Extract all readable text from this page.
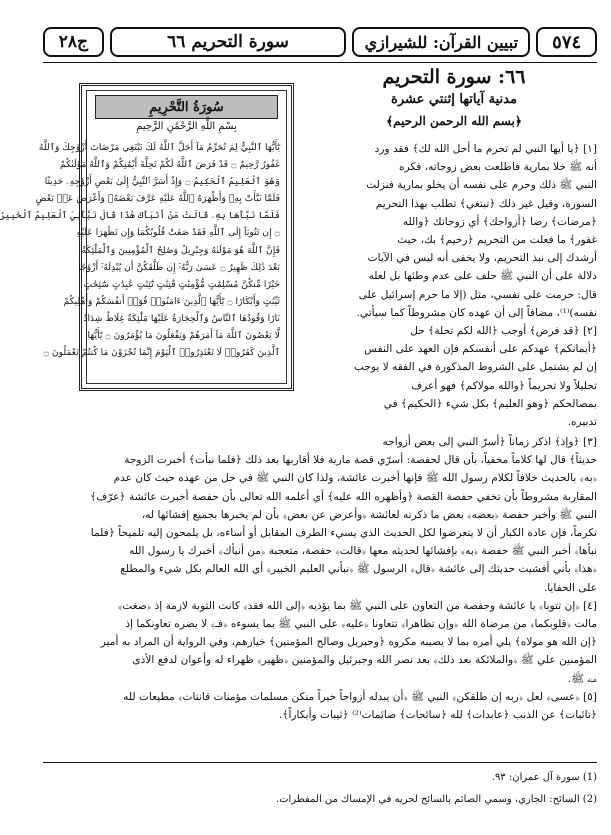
٥٧٤
تبيين القرآن: للشيرازي
سورة التحريم ٦٦
ج٢٨
سُورَةُ التَّحْرِيمِ
بِسْمِ اللَّهِ الرَّحْمَٰنِ الرَّحِيمِ
يَٰٓأَيُّهَا ٱلنَّبِيُّ لِمَ تُحَرِّمُ مَآ أَحَلَّ ٱللَّهُ لَكَ تَبْتَغِي مَرْضَاتَ أَزْوَٰجِكَ وَٱللَّهُ
غَفُورٌ رَّحِيمٌ ۝ قَدْ فَرَضَ ٱللَّهُ لَكُمْ تَحِلَّةَ أَيْمَٰنِكُمْ وَٱللَّهُ مَوْلَىٰكُمْ
وَهُوَ ٱلْعَلِيمُ ٱلْحَكِيمُ ۝ وَإِذْ أَسَرَّ ٱلنَّبِيُّ إِلَىٰ بَعْضِ أَزْوَٰجِهِۦ حَدِيثًا
فَلَمَّا نَبَّأَتْ بِهِۦ وَأَظْهَرَهُ ٱللَّهُ عَلَيْهِ عَرَّفَ بَعْضَهُۥ وَأَعْرَضَ عَنۢ بَعْضٍ
فَلَمَّا نَبَّأَهَا بِهِۦ قَالَتْ مَنْ أَنۢبَأَكَ هَٰذَا قَالَ نَبَّأَنِيَ ٱلْعَلِيمُ ٱلْخَبِيرُ
۝ إِن تَتُوبَآ إِلَى ٱللَّهِ فَقَدْ صَغَتْ قُلُوبُكُمَا وَإِن تَظَٰهَرَا عَلَيْهِ
فَإِنَّ ٱللَّهَ هُوَ مَوْلَىٰهُ وَجِبْرِيلُ وَصَٰلِحُ ٱلْمُؤْمِنِينَ وَٱلْمَلَٰٓئِكَةُ
بَعْدَ ذَٰلِكَ ظَهِيرٌ ۝ عَسَىٰ رَبُّهُۥٓ إِن طَلَّقَكُنَّ أَن يُبْدِلَهُۥٓ أَزْوَٰجًا
خَيْرًا مِّنكُنَّ مُسْلِمَٰتٍ مُّؤْمِنَٰتٍ قَٰنِتَٰتٍ تَٰٓئِبَٰتٍ عَٰبِدَٰتٍ سَٰٓئِحَٰتٍ
ثَيِّبَٰتٍ وَأَبْكَارًا ۝ يَٰٓأَيُّهَا ٱلَّذِينَ ءَامَنُوا۟ قُوٓا۟ أَنفُسَكُمْ وَأَهْلِيكُمْ
نَارًا وَقُودُهَا ٱلنَّاسُ وَٱلْحِجَارَةُ عَلَيْهَا مَلَٰٓئِكَةٌ غِلَاظٌ شِدَادٌ
لَّا يَعْصُونَ ٱللَّهَ مَآ أَمَرَهُمْ وَيَفْعَلُونَ مَا يُؤْمَرُونَ ۝ يَٰٓأَيُّهَا
ٱلَّذِينَ كَفَرُوا۟ لَا تَعْتَذِرُوا۟ ٱلْيَوْمَ إِنَّمَا تُجْزَوْنَ مَا كُنتُمْ تَعْمَلُونَ ۝
٦٦: سورة التحريم
مدنية آياتها إثنتي عشرة
﴿بسم الله الرحمن الرحيم﴾
[١] ﴿يا أيها النبي لم تحرم ما أحل الله لك﴾ فقد ورد
أنه ﷺ خلا بمارية فاطلعت بعض زوجاته، فكره
النبي ﷺ ذلك وحرم على نفسه أن يخلو بمارية فنزلت
السورة، وقيل غير ذلك ﴿تبتغي﴾ تطلب بهذا التحريم
﴿مرضات﴾ رضا ﴿أزواجك﴾ أي زوجاتك ﴿والله
غفور﴾ ما فعلت من التحريم ﴿رحيم﴾ بك، حيث
أرشدك إلى نبذ التحريم، ولا يخفى أنه ليس في الآيات
دلالة على أن النبي ﷺ حلف على عدم وطئها بل لعله
قال: حرمت على نفسي، مثل (إلا ما حرم إسرائيل على
نفسه)⁽¹⁾، مضافاً إلى أن عهده كان مشروطاً كما سيأتي.
[٢] ﴿قد فرض﴾ أوجب ﴿الله لكم تحلة﴾ حل
﴿أيمانكم﴾ عهدكم على أنفسكم فإن العهد على النفس
إن لم يشتمل على الشروط المذكورة في الفقه لا يوجب
تحليلاً ولا تحريماً ﴿والله مولاكم﴾ فهو أعرف
بمصالحكم ﴿وهو العليم﴾ بكل شيء ﴿الحكيم﴾ في
تدبيره.
[٣] ﴿وإذ﴾ اذكر زماناً ﴿أسرّ النبي إلى بعض أزواجه
حديثاً﴾ قال لها كلاماً مخفياً، بأن قال لحفصة: أسرّي قصة مارية فلا أقاربها بعد ذلك ﴿فلما نبأت﴾ أخبرت الزوجة
﴿به﴾ بالحديث خلافاً لكلام رسول الله ﷺ فإنها أخبرت عائشة، ولذا كان النبي ﷺ في حل من عهده حيث كان عدم
المقاربة مشروطاً بأن تخفي حفصة القصة ﴿وأظهره الله عليه﴾ أي أعلمه الله تعالى بأن حفصة أخبرت عائشة ﴿عرّف﴾
النبي ﷺ وأخبر حفصة ﴿بعضه﴾ بعض ما ذكرته لعائشة ﴿وأعرض عن بعض﴾ بأن لم يخبرها بجميع إفشائها له،
تكرماً، فإن عادة الكبار أن لا يتعرضوا لكل الحديث الذي يسيء الطرف المقابل أو أساءه، بل يلمحون إليه تلميحاً ﴿فلما
نبأها﴾ أخبر النبي ﷺ حفصة ﴿به﴾ بإفشائها لحديثه معها ﴿قالت﴾ حفصة، متعجبة ﴿من أنبأك﴾ أخبرك يا رسول الله
﴿هذا﴾ بأني أفشيت حديثك إلى عائشة ﴿قال﴾ الرسول ﷺ ﴿نبأني العليم الخبير﴾ أي الله العالم بكل شيء والمطلع
على الخفايا.
[٤] ﴿إن تتوبا﴾ يا عائشة وحفصة من التعاون على النبي ﷺ بما يؤذيه ﴿إلى الله فقد﴾ كانت التوبة لازمة إذ ﴿صغت﴾
مالت ﴿قلوبكما﴾ من مرضاة الله ﴿وإن تظاهرا﴾ تتعاونا ﴿عليه﴾ على النبي ﷺ بما يسوءه ﴿فـ﴾ لا يضره تعاونكما إذ
﴿إن الله هو مولاه﴾ يلي أمره بما لا يصيبه مكروه ﴿وجبريل وصالح المؤمنين﴾ خيارهم، وفي الرواية أن المراد به أمير
المؤمنين علي ﷺ ﴿والملائكة بعد ذلك﴾ بعد نصر الله وجبرئيل والمؤمنين ﴿ظهير﴾ ظهراء له وأعوان لدفع الأذى
عنه ﷺ.
[٥] ﴿عسى﴾ لعل ﴿ربه إن طلقكن﴾ النبي ﷺ ﴿أن يبدله أزواجاً خيراً منكن مسلمات مؤمنات قانتات﴾ مطيعات لله
﴿تائبات﴾ عن الذنب ﴿عابدات﴾ لله ﴿سائحات﴾ صائمات⁽²⁾ ﴿ثيبات وأبكاراً﴾.
(1) سورة آل عمران: ٩٣.
(2) السائح: الجاري، وسمي الصائم بالسائح لجريه في الإمساك من المفطرات.
